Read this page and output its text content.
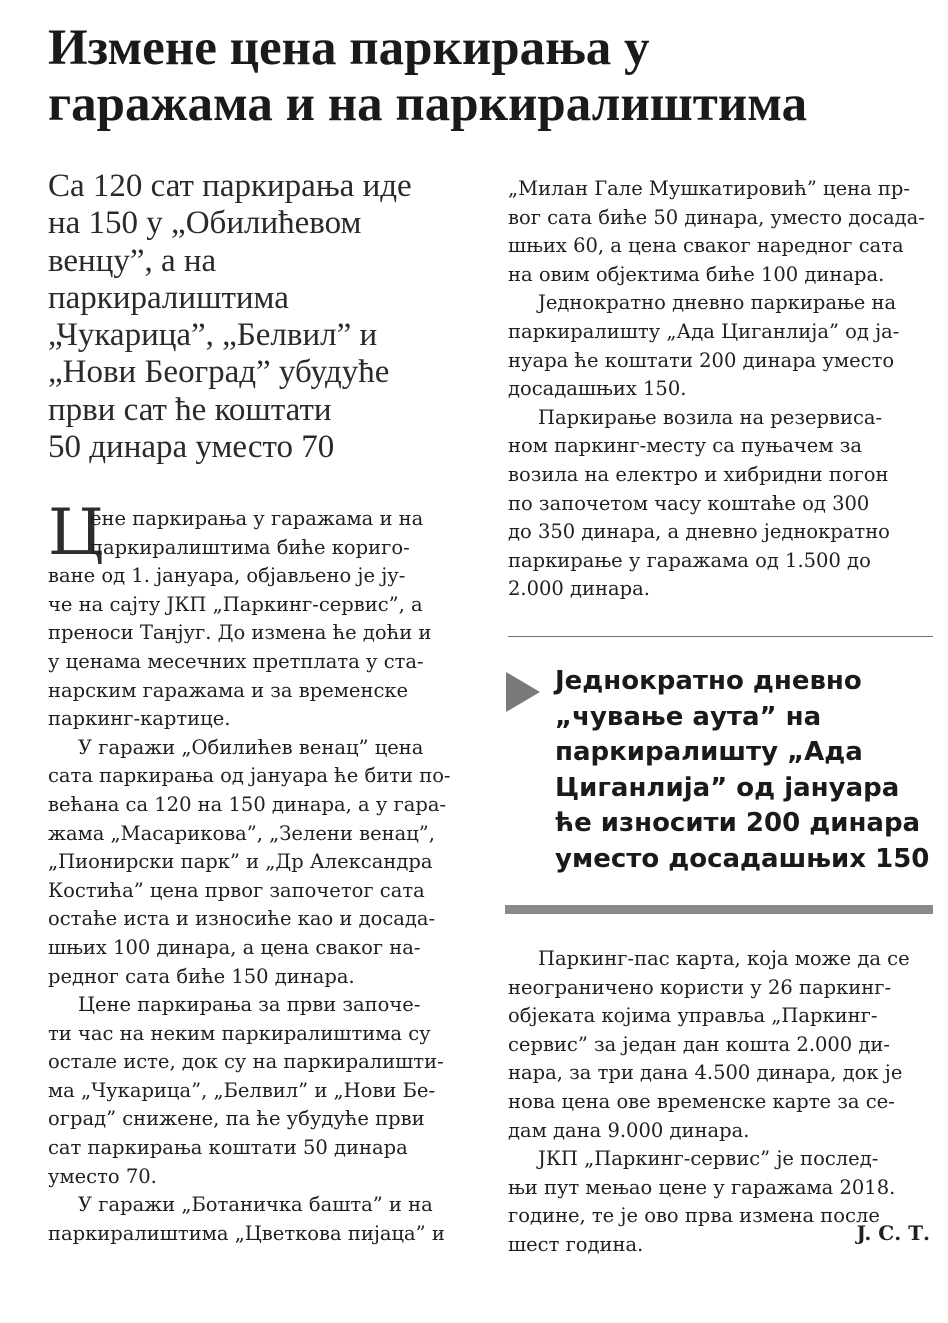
Измене цена паркирања у
гаражама и на паркиралиштима
Са 120 сат паркирања иде
на 150 у „Обилићевом
венцу”, а на
паркиралиштима
„Чукарица”, „Белвил” и
„Нови Београд” убудуће
први сат ће коштати
50 динара уместо 70
Ц

ене паркирања у гаражама и на
паркиралиштима биће кориго-
ване од 1. јануара, објављено је ју-
че на сајту ЈКП „Паркинг-сервис”, а
преноси Танјуг. До измена ће доћи и
у ценама месечних претплата у ста-
нарским гаражама и за временске
паркинг-картице.

У гаражи „Обилићев венац” цена
сата паркирања од јануара ће бити по-
већана са 120 на 150 динара, а у гара-
жама „Масарикова”, „Зелени венац”,
„Пионирски парк” и „Др Александра
Костића” цена првог започетог сата
остаће иста и износиће као и досада-
шњих 100 динара, а цена сваког на-
редног сата биће 150 динара.

Цене паркирања за први започе-
ти час на неким паркиралиштима су
остале исте, док су на паркиралишти-
ма „Чукарица”, „Белвил” и „Нови Бе-
оград” снижене, па ће убудуће први
сат паркирања коштати 50 динара
уместо 70.

У гаражи „Ботаничка башта” и на
паркиралиштима „Цветкова пијаца” и

„Милан Гале Мушкатировић” цена пр-
вог сата биће 50 динара, уместо досада-
шњих 60, а цена сваког наредног сата
на овим објектима биће 100 динара.

Једнократно дневно паркирање на
паркиралишту „Ада Циганлија” од ја-
нуара ће коштати 200 динара уместо
досадашњих 150.

Паркирање возила на резервиса-
ном паркинг-месту са пуњачем за
возила на електро и хибридни погон
по започетом часу коштаће од 300
до 350 динара, а дневно једнократно
паркирање у гаражама од 1.500 до
2.000 динара.

Једнократно дневно
„чување аута” на
паркиралишту „Ада
Циганлија” од јануара
ће износити 200 динара
уместо досадашњих 150

Паркинг-пас карта, која може да се
неограничено користи у 26 паркинг-
објеката којима управља „Паркинг-
сервис” за један дан кошта 2.000 ди-
нара, за три дана 4.500 динара, док је
нова цена ове временске карте за се-
дам дана 9.000 динара.

ЈКП „Паркинг-сервис” је послед-
њи пут мењао цене у гаражама 2018.
године, те је ово прва измена после
шест година.	J. С. Т.
